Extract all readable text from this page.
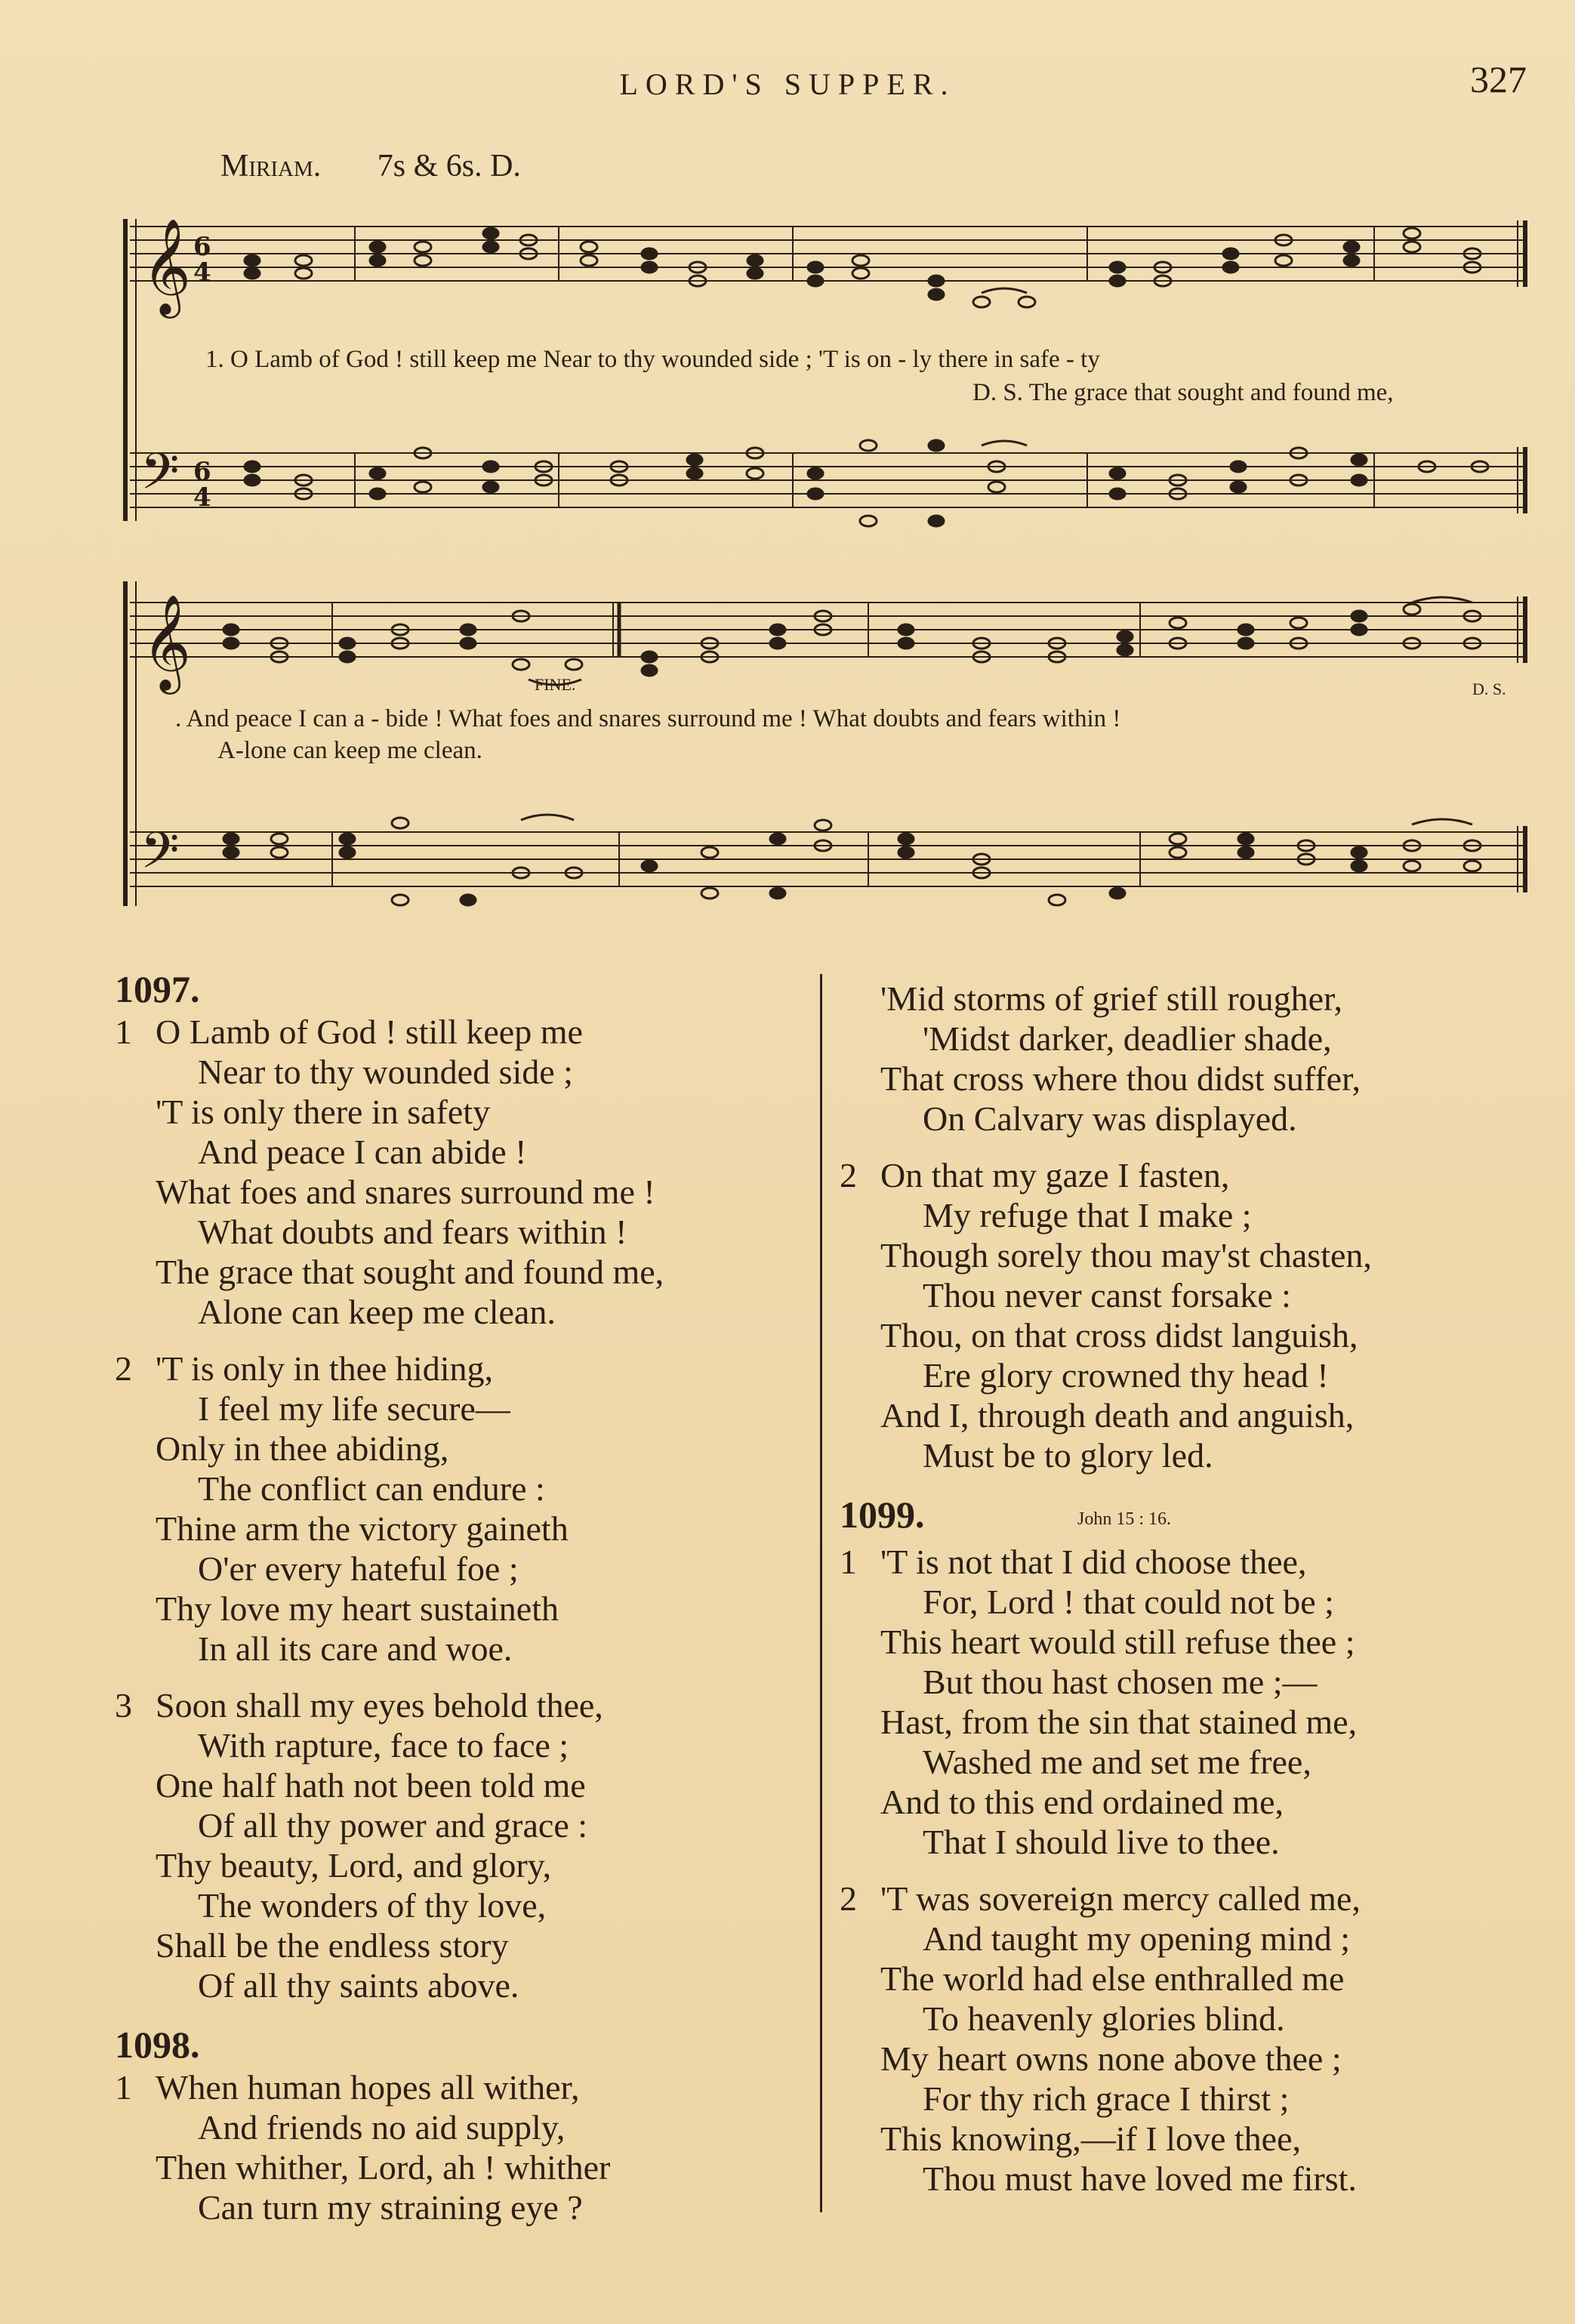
LORD'S SUPPER.	327
Miriam. 7s & 6s. D.
𝄞 6
4
𝄢 6
4
𝄞
𝄢
1. O Lamb of God ! still keep me Near to thy wounded side ; 'T is on - ly there in safe - ty
D. S. The grace that sought and found me,
FINE.	D. S.
. And peace I can a - bide ! What foes and snares surround me ! What doubts and fears within !
A-lone can keep me clean.
1097.
1 O Lamb of God ! still keep me
Near to thy wounded side ;
'T is only there in safety
And peace I can abide !
What foes and snares surround me !
What doubts and fears within !
The grace that sought and found me,
Alone can keep me clean.
2 'T is only in thee hiding,
I feel my life secure—
Only in thee abiding,
The conflict can endure :
Thine arm the victory gaineth
O'er every hateful foe ;
Thy love my heart sustaineth
In all its care and woe.
3 Soon shall my eyes behold thee,
With rapture, face to face ;
One half hath not been told me
Of all thy power and grace :
Thy beauty, Lord, and glory,
The wonders of thy love,
Shall be the endless story
Of all thy saints above.
1098.
1 When human hopes all wither,
And friends no aid supply,
Then whither, Lord, ah ! whither
Can turn my straining eye ?
'Mid storms of grief still rougher,
'Midst darker, deadlier shade,
That cross where thou didst suffer,
On Calvary was displayed.
2 On that my gaze I fasten,
My refuge that I make ;
Though sorely thou may'st chasten,
Thou never canst forsake :
Thou, on that cross didst languish,
Ere glory crowned thy head !
And I, through death and anguish,
Must be to glory led.
1099.	John 15 : 16.
1 'T is not that I did choose thee,
For, Lord ! that could not be ;
This heart would still refuse thee ;
But thou hast chosen me ;—
Hast, from the sin that stained me,
Washed me and set me free,
And to this end ordained me,
That I should live to thee.
2 'T was sovereign mercy called me,
And taught my opening mind ;
The world had else enthralled me
To heavenly glories blind.
My heart owns none above thee ;
For thy rich grace I thirst ;
This knowing,—if I love thee,
Thou must have loved me first.
